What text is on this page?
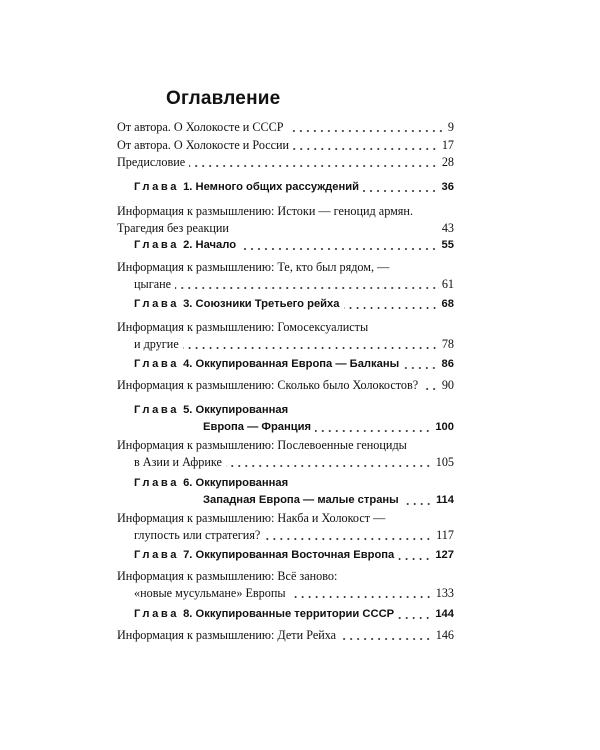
Оглавление
От автора. О Холокосте и СССР	9
От автора. О Холокосте и России	17
Предисловие	28
Глава 1. Немного общих рассуждений	36
Информация к размышлению: Истоки — геноцид армян.
Трагедия без реакции	43
Глава 2. Начало	55
Информация к размышлению: Те, кто был рядом, —
цыгане	61
Глава 3. Союзники Третьего рейха	68
Информация к размышлению: Гомосексуалисты
и другие	78
Глава 4. Оккупированная Европа — Балканы	86
Информация к размышлению: Сколько было Холокостов? 90
Глава 5. Оккупированная
Европа — Франция	100
Информация к размышлению: Послевоенные геноциды
в Азии и Африке	105
Глава 6. Оккупированная
Западная Европа — малые страны	114
Информация к размышлению: Накба и Холокост —
глупость или стратегия?	117
Глава 7. Оккупированная Восточная Европа	127
Информация к размышлению: Всё заново:
«новые мусульмане» Европы	133
Глава 8. Оккупированные территории СССР	144
Информация к размышлению: Дети Рейха	146
